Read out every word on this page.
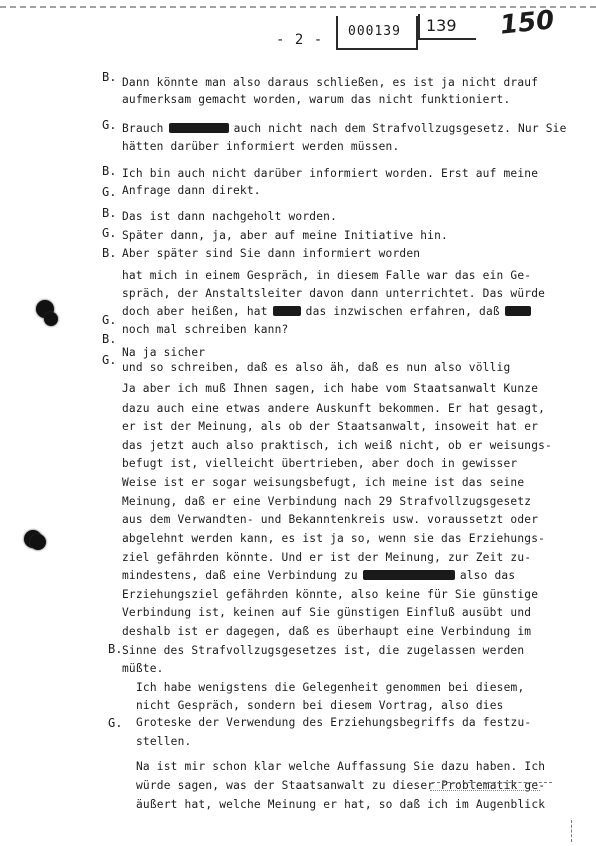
- 2 -
000139 139 150
B. Dann könnte man also daraus schließen, es ist ja nicht drauf
aufmerksam gemacht worden, warum das nicht funktioniert.
G. Brauch	auch nicht nach dem Strafvollzugsgesetz. Nur Sie
hätten darüber informiert werden müssen.
B. Ich bin auch nicht darüber informiert worden. Erst auf meine
Anfrage dann direkt.
G.
Das ist dann nachgeholt worden.
B.
Später dann, ja, aber auf meine Initiative hin.
G.
Aber später sind Sie dann informiert worden
B.
hat mich in einem Gespräch, in diesem Falle war das ein Ge-
spräch, der Anstaltsleiter davon dann unterrichtet. Das würde
doch aber heißen, hat	das inzwischen erfahren, daß
noch mal schreiben kann?
G.
Na ja sicher
B.
und so schreiben, daß es also äh, daß es nun also völlig
G.
Ja aber ich muß Ihnen sagen, ich habe vom Staatsanwalt Kunze
dazu auch eine etwas andere Auskunft bekommen. Er hat gesagt,
er ist der Meinung, als ob der Staatsanwalt, insoweit hat er
das jetzt auch also praktisch, ich weiß nicht, ob er weisungs-
befugt ist, vielleicht übertrieben, aber doch in gewisser
Weise ist er sogar weisungsbefugt, ich meine ist das seine
Meinung, daß er eine Verbindung nach 29 Strafvollzugsgesetz
aus dem Verwandten- und Bekanntenkreis usw. voraussetzt oder
abgelehnt werden kann, es ist ja so, wenn sie das Erziehungs-
ziel gefährden könnte. Und er ist der Meinung, zur Zeit zu-
mindestens, daß eine Verbindung zu	also das
Erziehungsziel gefährden könnte, also keine für Sie günstige
Verbindung ist, keinen auf Sie günstigen Einfluß ausübt und
deshalb ist er dagegen, daß es überhaupt eine Verbindung im
Sinne des Strafvollzugsgesetzes ist, die zugelassen werden
müßte.
B.
Ich habe wenigstens die Gelegenheit genommen bei diesem,
nicht Gespräch, sondern bei diesem Vortrag, also dies
Groteske der Verwendung des Erziehungsbegriffs da festzu-
stellen.
G.
Na ist mir schon klar welche Auffassung Sie dazu haben. Ich
würde sagen, was der Staatsanwalt zu dieser Problematik ge-
äußert hat, welche Meinung er hat, so daß ich im Augenblick
